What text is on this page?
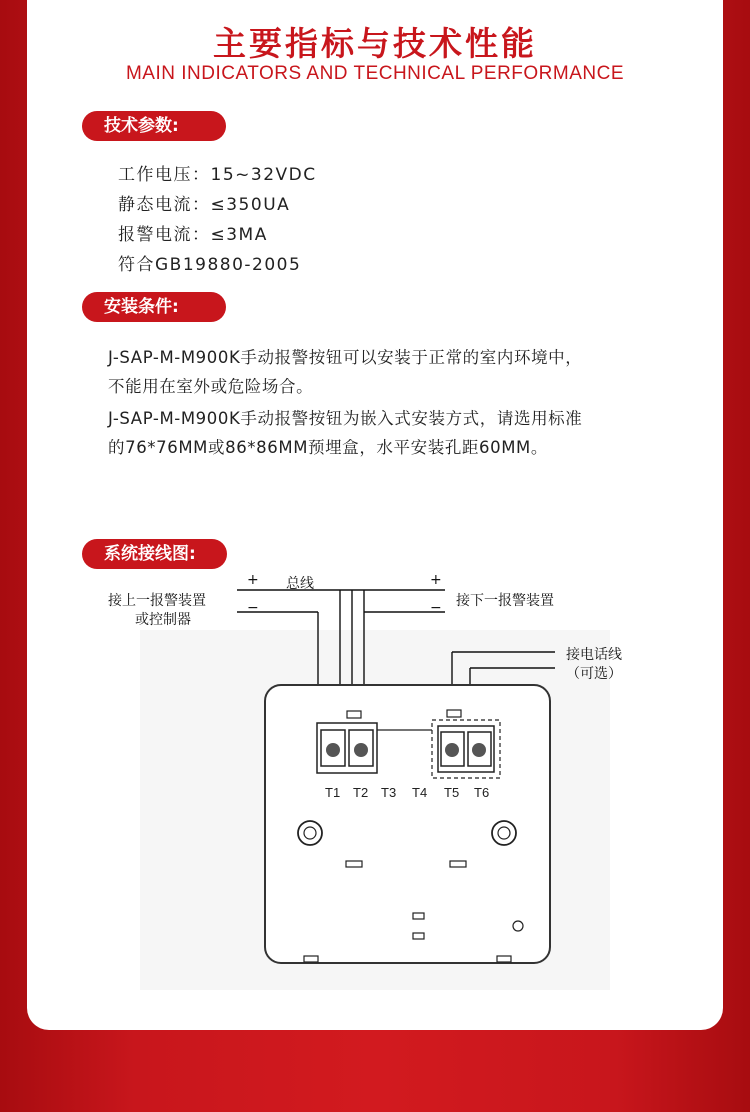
主要指标与技术性能
MAIN INDICATORS AND TECHNICAL PERFORMANCE
技术参数:
工作电压：15~32VDC
静态电流：≤350UA
报警电流：≤3MA
符合GB19880-2005
安装条件:
J-SAP-M-M900K手动报警按钮可以安装于正常的室内环境中，
不能用在室外或危险场合。
J-SAP-M-M900K手动报警按钮为嵌入式安装方式，请选用标准
的76*76MM或86*86MM预埋盒，水平安装孔距60MM。
系统接线图:
+
−
总线	+
−
接上一报警装置
或控制器
接下一报警装置
接电话线
（可选）
T1 T2 T3 T4 T5 T6
